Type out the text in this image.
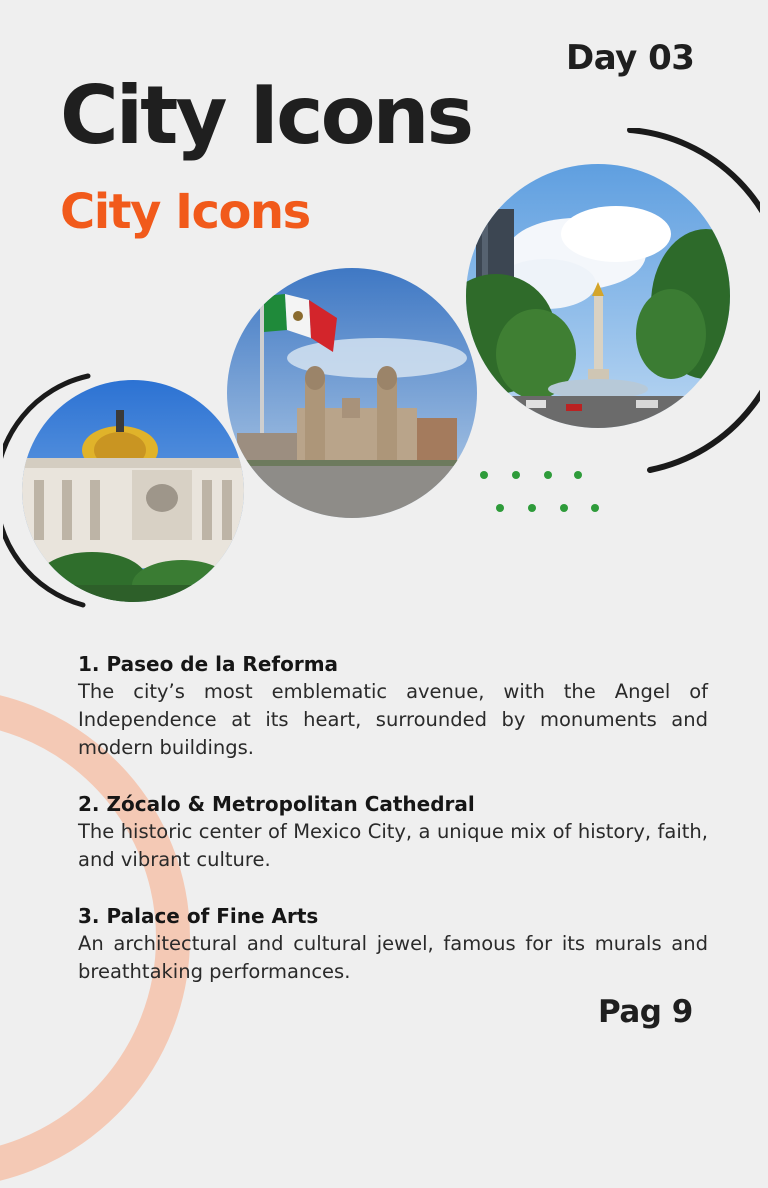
Day 03
City Icons
City Icons
1. Paseo de la Reforma
The city’s most emblematic avenue, with the Angel of Independence at its heart, surrounded by monuments and modern buildings.
2. Zócalo & Metropolitan Cathedral
The historic center of Mexico City, a unique mix of history, faith, and vibrant culture.
3. Palace of Fine Arts
An architectural and cultural jewel, famous for its murals and breathtaking performances.
Pag 9
